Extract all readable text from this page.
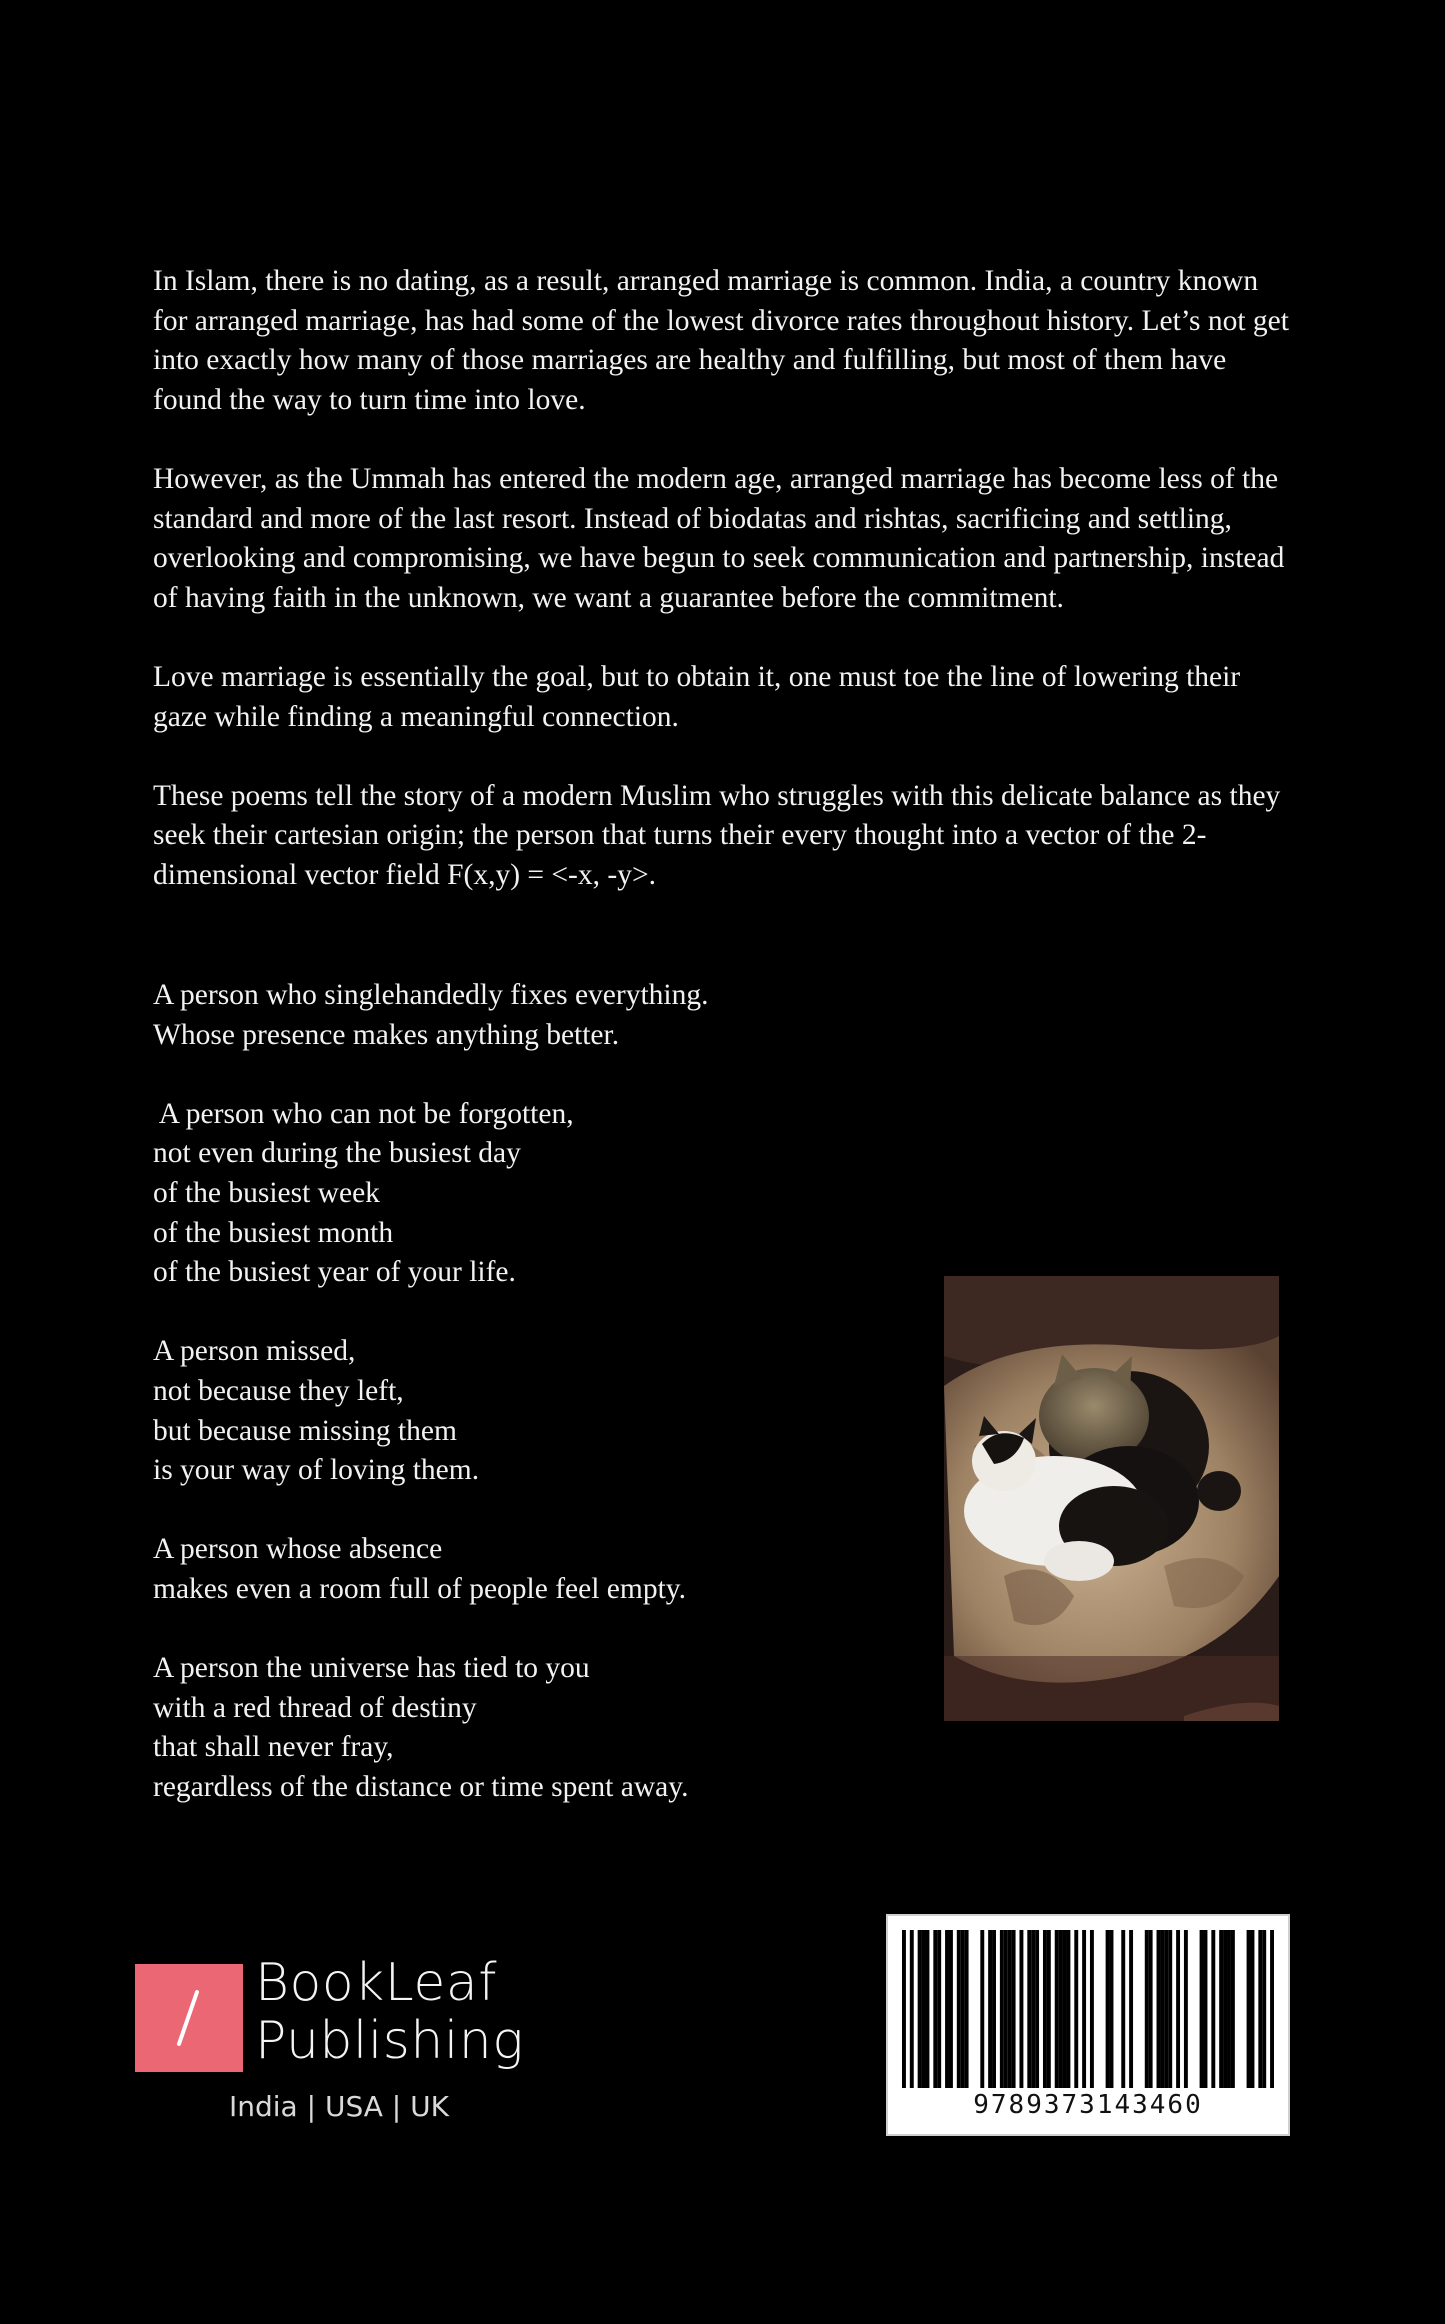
In Islam, there is no dating, as a result, arranged marriage is common. India, a country known for arranged marriage, has had some of the lowest divorce rates throughout history. Let’s not get into exactly how many of those marriages are healthy and fulfilling, but most of them have found the way to turn time into love.

However, as the Ummah has entered the modern age, arranged marriage has become less of the standard and more of the last resort. Instead of biodatas and rishtas, sacrificing and settling, overlooking and compromising, we have begun to seek communication and partnership, instead of having faith in the unknown, we want a guarantee before the commitment.

Love marriage is essentially the goal, but to obtain it, one must toe the line of lowering their gaze while finding a meaningful connection.

These poems tell the story of a modern Muslim who struggles with this delicate balance as they seek their cartesian origin; the person that turns their every thought into a vector of the 2-dimensional vector field F(x,y) = <-x, -y>.

A person who singlehandedly fixes everything.
Whose presence makes anything better.
A person who can not be forgotten,
not even during the busiest day
of the busiest week
of the busiest month
of the busiest year of your life.
A person missed,
not because they left,
but because missing them
is your way of loving them.
A person whose absence
makes even a room full of people feel empty.
A person the universe has tied to you
with a red thread of destiny
that shall never fray,
regardless of the distance or time spent away.
BookLeaf
Publishing
India | USA | UK	9789373143460
